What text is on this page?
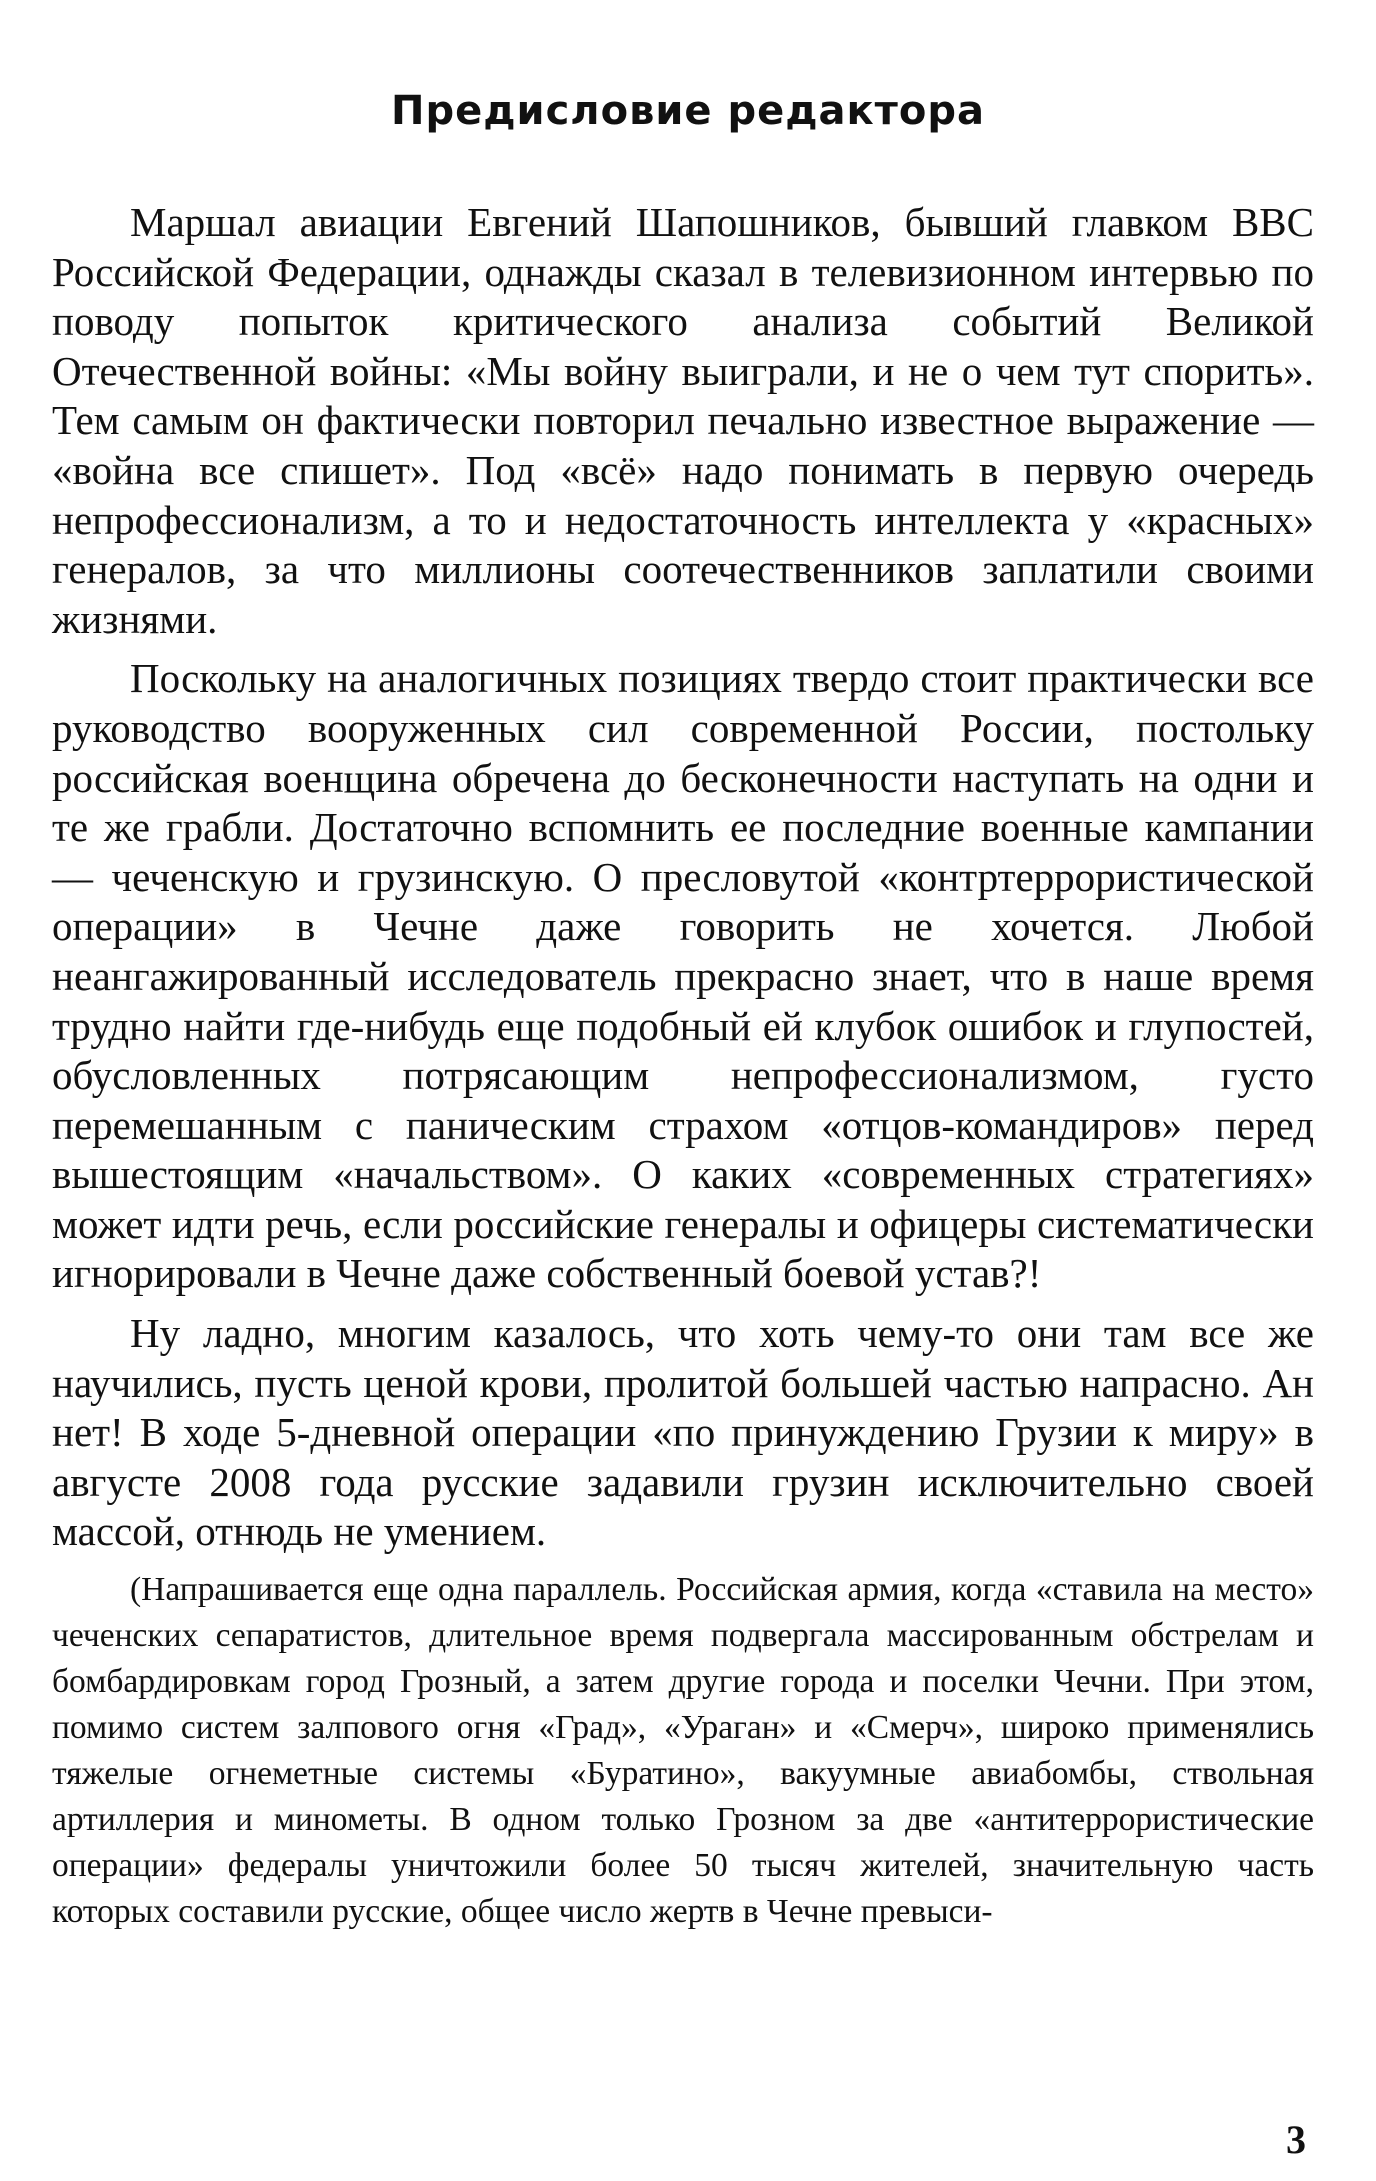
Предисловие редактора

Маршал авиации Евгений Шапошников, бывший главком ВВС Российской Федерации, однажды сказал в телевизионном интервью по поводу попыток критического анализа событий Великой Отечественной войны: «Мы войну выиграли, и не о чем тут спорить». Тем самым он фактически повторил печально известное выражение — «война все спишет». Под «всё» надо понимать в первую очередь непрофессионализм, а то и недостаточность интеллекта у «красных» генералов, за что миллионы соотечественников заплатили своими жизнями.

Поскольку на аналогичных позициях твердо стоит практически все руководство вооруженных сил современной России, постольку российская военщина обречена до бесконечности наступать на одни и те же грабли. Достаточно вспомнить ее последние военные кампании — чеченскую и грузинскую. О пресловутой «контртеррористической операции» в Чечне даже говорить не хочется. Любой неангажированный исследователь прекрасно знает, что в наше время трудно найти где-нибудь еще подобный ей клубок ошибок и глупостей, обусловленных потрясающим непрофессионализмом, густо перемешанным с паническим страхом «отцов-командиров» перед вышестоящим «начальством». О каких «современных стратегиях» может идти речь, если российские генералы и офицеры систематически игнорировали в Чечне даже собственный боевой устав?!

Ну ладно, многим казалось, что хоть чему-то они там все же научились, пусть ценой крови, пролитой большей частью напрасно. Ан нет! В ходе 5-дневной операции «по принуждению Грузии к миру» в августе 2008 года русские задавили грузин исключительно своей массой, отнюдь не умением.

(Напрашивается еще одна параллель. Российская армия, когда «ставила на место» чеченских сепаратистов, длительное время подвергала массированным обстрелам и бомбардировкам город Грозный, а затем другие города и поселки Чечни. При этом, помимо систем залпового огня «Град», «Ураган» и «Смерч», широко применялись тяжелые огнеметные системы «Буратино», вакуумные авиабомбы, ствольная артиллерия и минометы. В одном только Грозном за две «антитеррористические операции» федералы уничтожили более 50 тысяч жителей, значительную часть которых составили русские, общее число жертв в Чечне превыси-

3
